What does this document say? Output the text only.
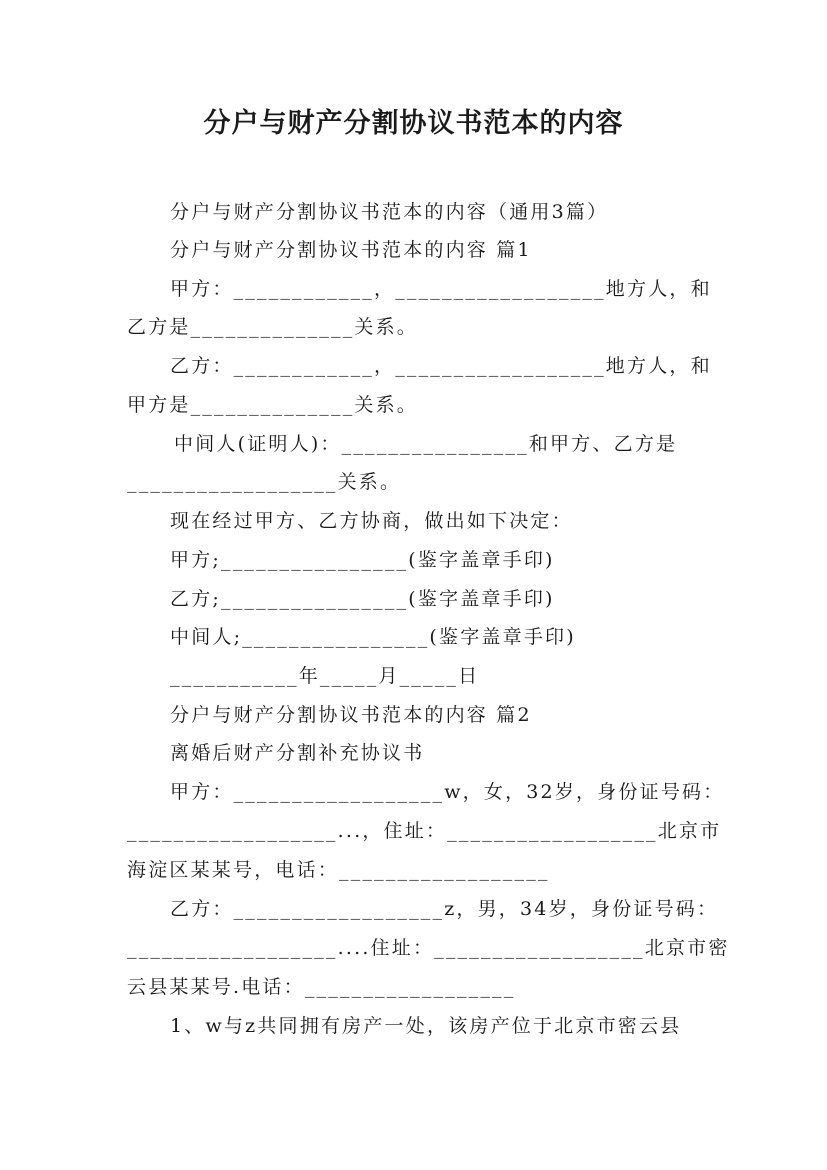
分户与财产分割协议书范本的内容
分户与财产分割协议书范本的内容（通用3篇）
分户与财产分割协议书范本的内容 篇1
甲方：____________，__________________地方人，和
乙方是______________关系。
乙方：____________，__________________地方人，和
甲方是______________关系。
中间人(证明人)：________________和甲方、乙方是
__________________关系。
现在经过甲方、乙方协商，做出如下决定：
甲方;________________(鉴字盖章手印)
乙方;________________(鉴字盖章手印)
中间人;________________(鉴字盖章手印)
___________年_____月_____日
分户与财产分割协议书范本的内容 篇2
离婚后财产分割补充协议书
甲方：__________________w，女，32岁，身份证号码：
__________________...，住址：__________________北京市
海淀区某某号，电话：__________________
乙方：__________________z，男，34岁，身份证号码：
__________________....住址：__________________北京市密
云县某某号.电话：__________________
1、w与z共同拥有房产一处，该房产位于北京市密云县
